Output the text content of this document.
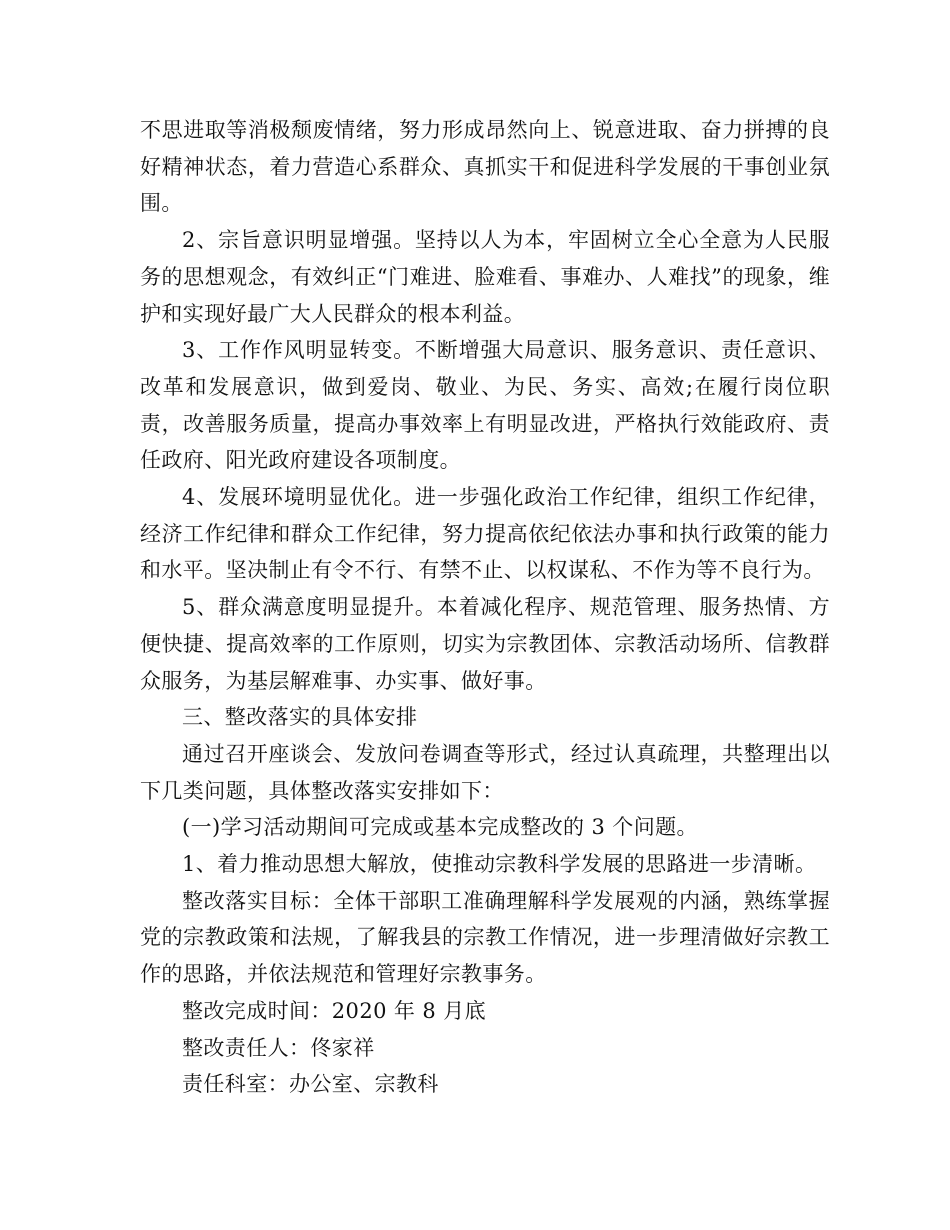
不思进取等消极颓废情绪，努力形成昂然向上、锐意进取、奋力拼搏的良好精神状态，着力营造心系群众、真抓实干和促进科学发展的干事创业氛围。

2、宗旨意识明显增强。坚持以人为本，牢固树立全心全意为人民服务的思想观念，有效纠正“门难进、脸难看、事难办、人难找”的现象，维护和实现好最广大人民群众的根本利益。

3、工作作风明显转变。不断增强大局意识、服务意识、责任意识、改革和发展意识，做到爱岗、敬业、为民、务实、高效;在履行岗位职责，改善服务质量，提高办事效率上有明显改进，严格执行效能政府、责任政府、阳光政府建设各项制度。

4、发展环境明显优化。进一步强化政治工作纪律，组织工作纪律，经济工作纪律和群众工作纪律，努力提高依纪依法办事和执行政策的能力和水平。坚决制止有令不行、有禁不止、以权谋私、不作为等不良行为。

5、群众满意度明显提升。本着减化程序、规范管理、服务热情、方便快捷、提高效率的工作原则，切实为宗教团体、宗教活动场所、信教群众服务，为基层解难事、办实事、做好事。

三、整改落实的具体安排

通过召开座谈会、发放问卷调查等形式，经过认真疏理，共整理出以下几类问题，具体整改落实安排如下：

(一)学习活动期间可完成或基本完成整改的 3 个问题。

1、着力推动思想大解放，使推动宗教科学发展的思路进一步清晰。

整改落实目标：全体干部职工准确理解科学发展观的内涵，熟练掌握党的宗教政策和法规，了解我县的宗教工作情况，进一步理清做好宗教工作的思路，并依法规范和管理好宗教事务。

整改完成时间：2020 年 8 月底

整改责任人：佟家祥

责任科室：办公室、宗教科
